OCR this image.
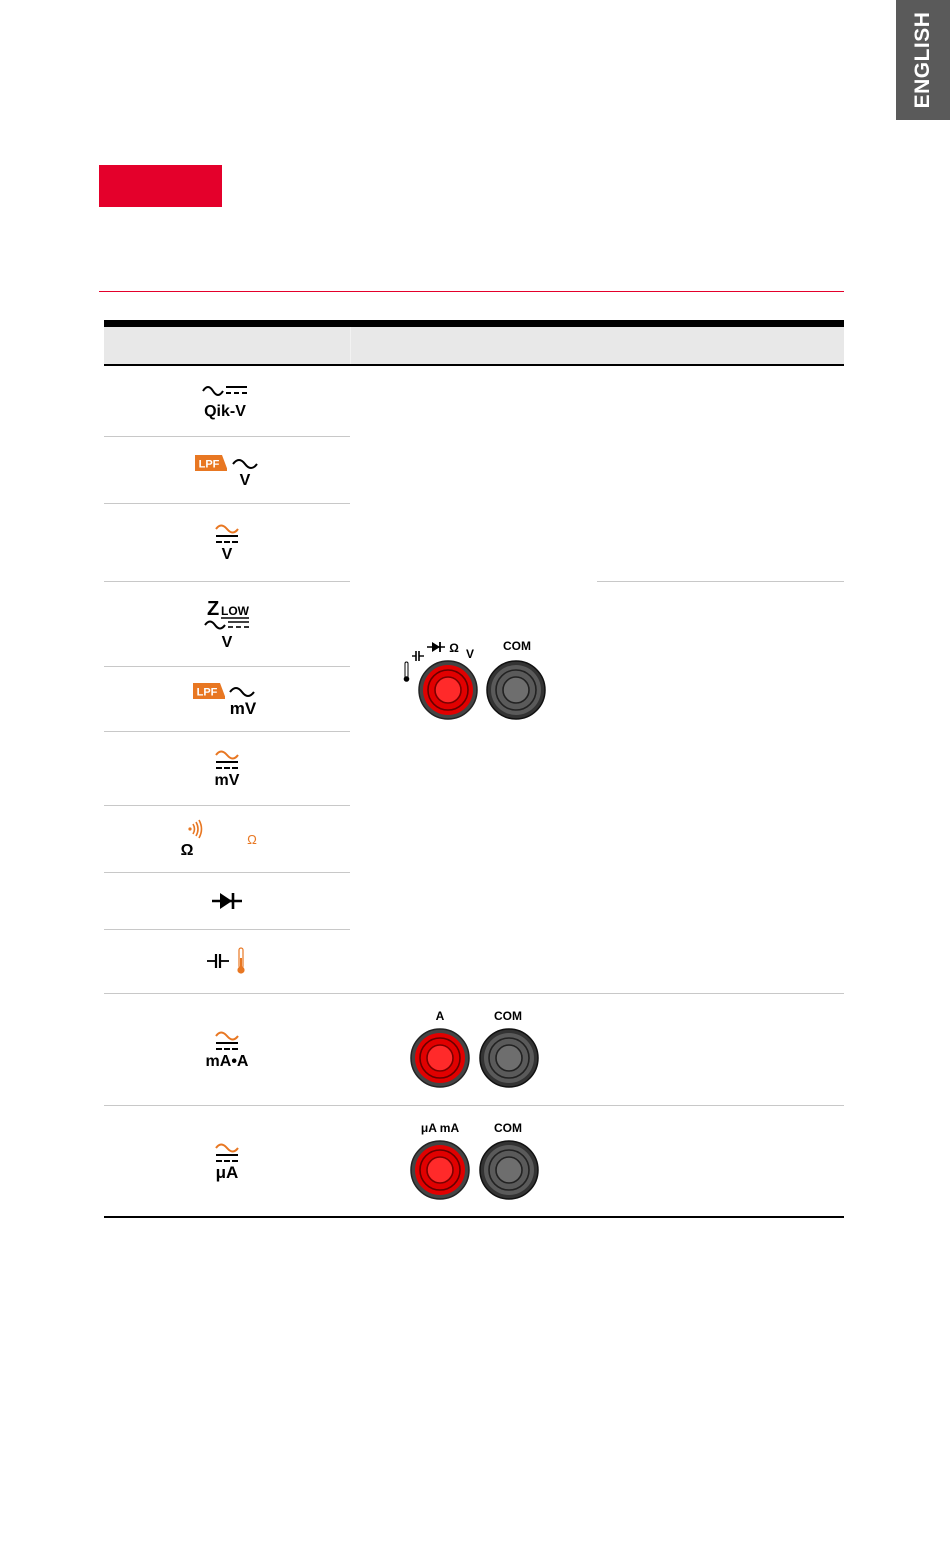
ENGLISH
Qik-V
LPF
V
V
Z LOW
V
LPF
mV
mV
Ω
Ω
mA•A
μA
Ω V
COM
A	COM
μA mA	COM
